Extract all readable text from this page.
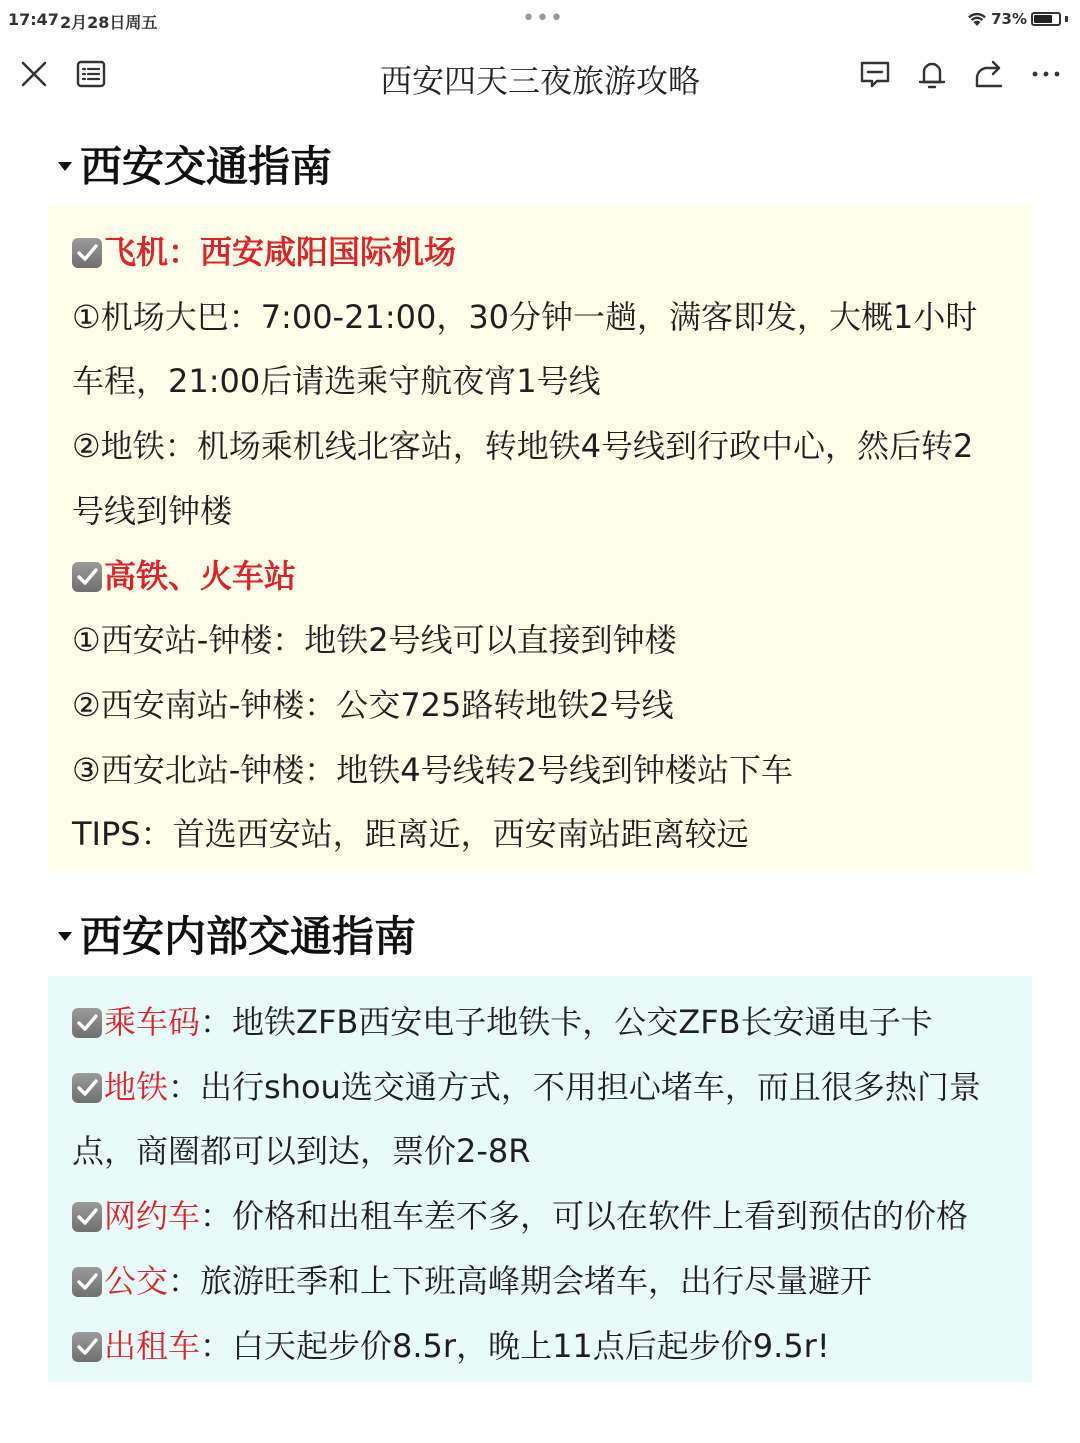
17:47 2月28日周五	•••	73%
西安四天三夜旅游攻略
西安交通指南
飞机：西安咸阳国际机场
①机场大巴：7:00-21:00，30分钟一趟，满客即发，大概1小时
车程，21:00后请选乘守航夜宵1号线
②地铁：机场乘机线北客站，转地铁4号线到行政中心，然后转2
号线到钟楼
高铁、火车站
①西安站-钟楼：地铁2号线可以直接到钟楼
②西安南站-钟楼：公交725路转地铁2号线
③西安北站-钟楼：地铁4号线转2号线到钟楼站下车
TIPS：首选西安站，距离近，西安南站距离较远
西安内部交通指南
乘车码：地铁ZFB西安电子地铁卡，公交ZFB长安通电子卡
地铁：出行shou选交通方式，不用担心堵车，而且很多热门景
点，商圈都可以到达，票价2-8R
网约车：价格和出租车差不多，可以在软件上看到预估的价格
公交：旅游旺季和上下班高峰期会堵车，出行尽量避开
出租车：白天起步价8.5r，晚上11点后起步价9.5r!
